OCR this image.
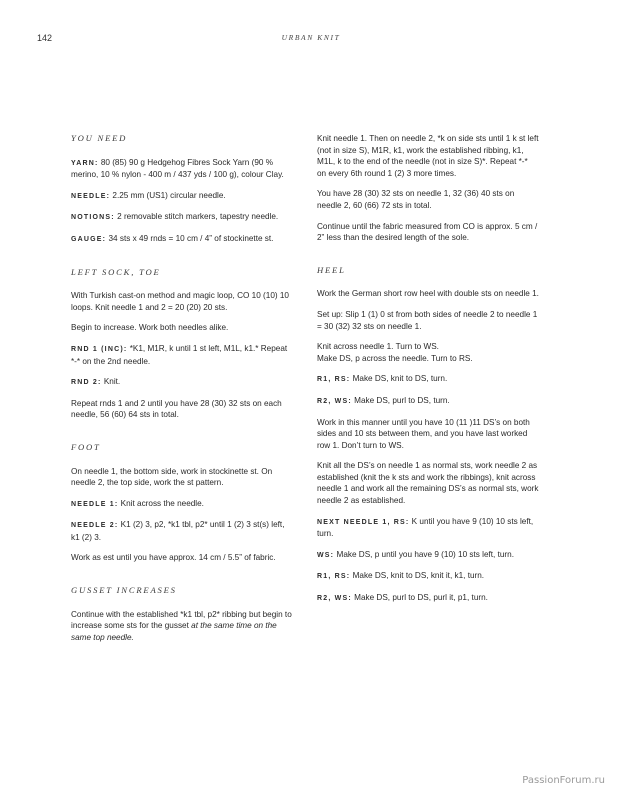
142	URBAN KNIT
YOU NEED

YARN: 80 (85) 90 g Hedgehog Fibres Sock Yarn (90 % merino, 10 % nylon - 400 m / 437 yds / 100 g), colour Clay.

NEEDLE: 2.25 mm (US1) circular needle.

NOTIONS: 2 removable stitch markers, tapestry needle.

GAUGE: 34 sts x 49 rnds = 10 cm / 4” of stockinette st.

LEFT SOCK, TOE

With Turkish cast-on method and magic loop, CO 10 (10) 10 loops. Knit needle 1 and 2 = 20 (20) 20 sts.

Begin to increase. Work both needles alike.

RND 1 (INC): *K1, M1R, k until 1 st left, M1L, k1.* Repeat *-* on the 2nd needle.

RND 2: Knit.

Repeat rnds 1 and 2 until you have 28 (30) 32 sts on each needle, 56 (60) 64 sts in total.

FOOT

On needle 1, the bottom side, work in stockinette st. On needle 2, the top side, work the st pattern.

NEEDLE 1: Knit across the needle.

NEEDLE 2: K1 (2) 3, p2, *k1 tbl, p2* until 1 (2) 3 st(s) left, k1 (2) 3.

Work as est until you have approx. 14 cm / 5.5” of fabric.

GUSSET INCREASES

Continue with the established *k1 tbl, p2* ribbing but begin to increase some sts for the gusset at the same time on the same top needle.

Knit needle 1. Then on needle 2, *k on side sts until 1 k st left (not in size S), M1R, k1, work the established ribbing, k1, M1L, k to the end of the needle (not in size S)*. Repeat *-* on every 6th round 1 (2) 3 more times.

You have 28 (30) 32 sts on needle 1, 32 (36) 40 sts on needle 2, 60 (66) 72 sts in total.

Continue until the fabric measured from CO is approx. 5 cm / 2” less than the desired length of the sole.

HEEL

Work the German short row heel with double sts on needle 1.

Set up: Slip 1 (1) 0 st from both sides of needle 2 to needle 1 = 30 (32) 32 sts on needle 1.

Knit across needle 1. Turn to WS.
Make DS, p across the needle. Turn to RS.

R1, RS: Make DS, knit to DS, turn.

R2, WS: Make DS, purl to DS, turn.

Work in this manner until you have 10 (11 )11 DS’s on both sides and 10 sts between them, and you have last worked row 1. Don’t turn to WS.

Knit all the DS’s on needle 1 as normal sts, work needle 2 as established (knit the k sts and work the ribbings), knit across needle 1 and work all the remaining DS’s as normal sts, work needle 2 as established.

NEXT NEEDLE 1, RS: K until you have 9 (10) 10 sts left, turn.

WS: Make DS, p until you have 9 (10) 10 sts left, turn.

R1, RS: Make DS, knit to DS, knit it, k1, turn.

R2, WS: Make DS, purl to DS, purl it, p1, turn.

PassionForum.ru
